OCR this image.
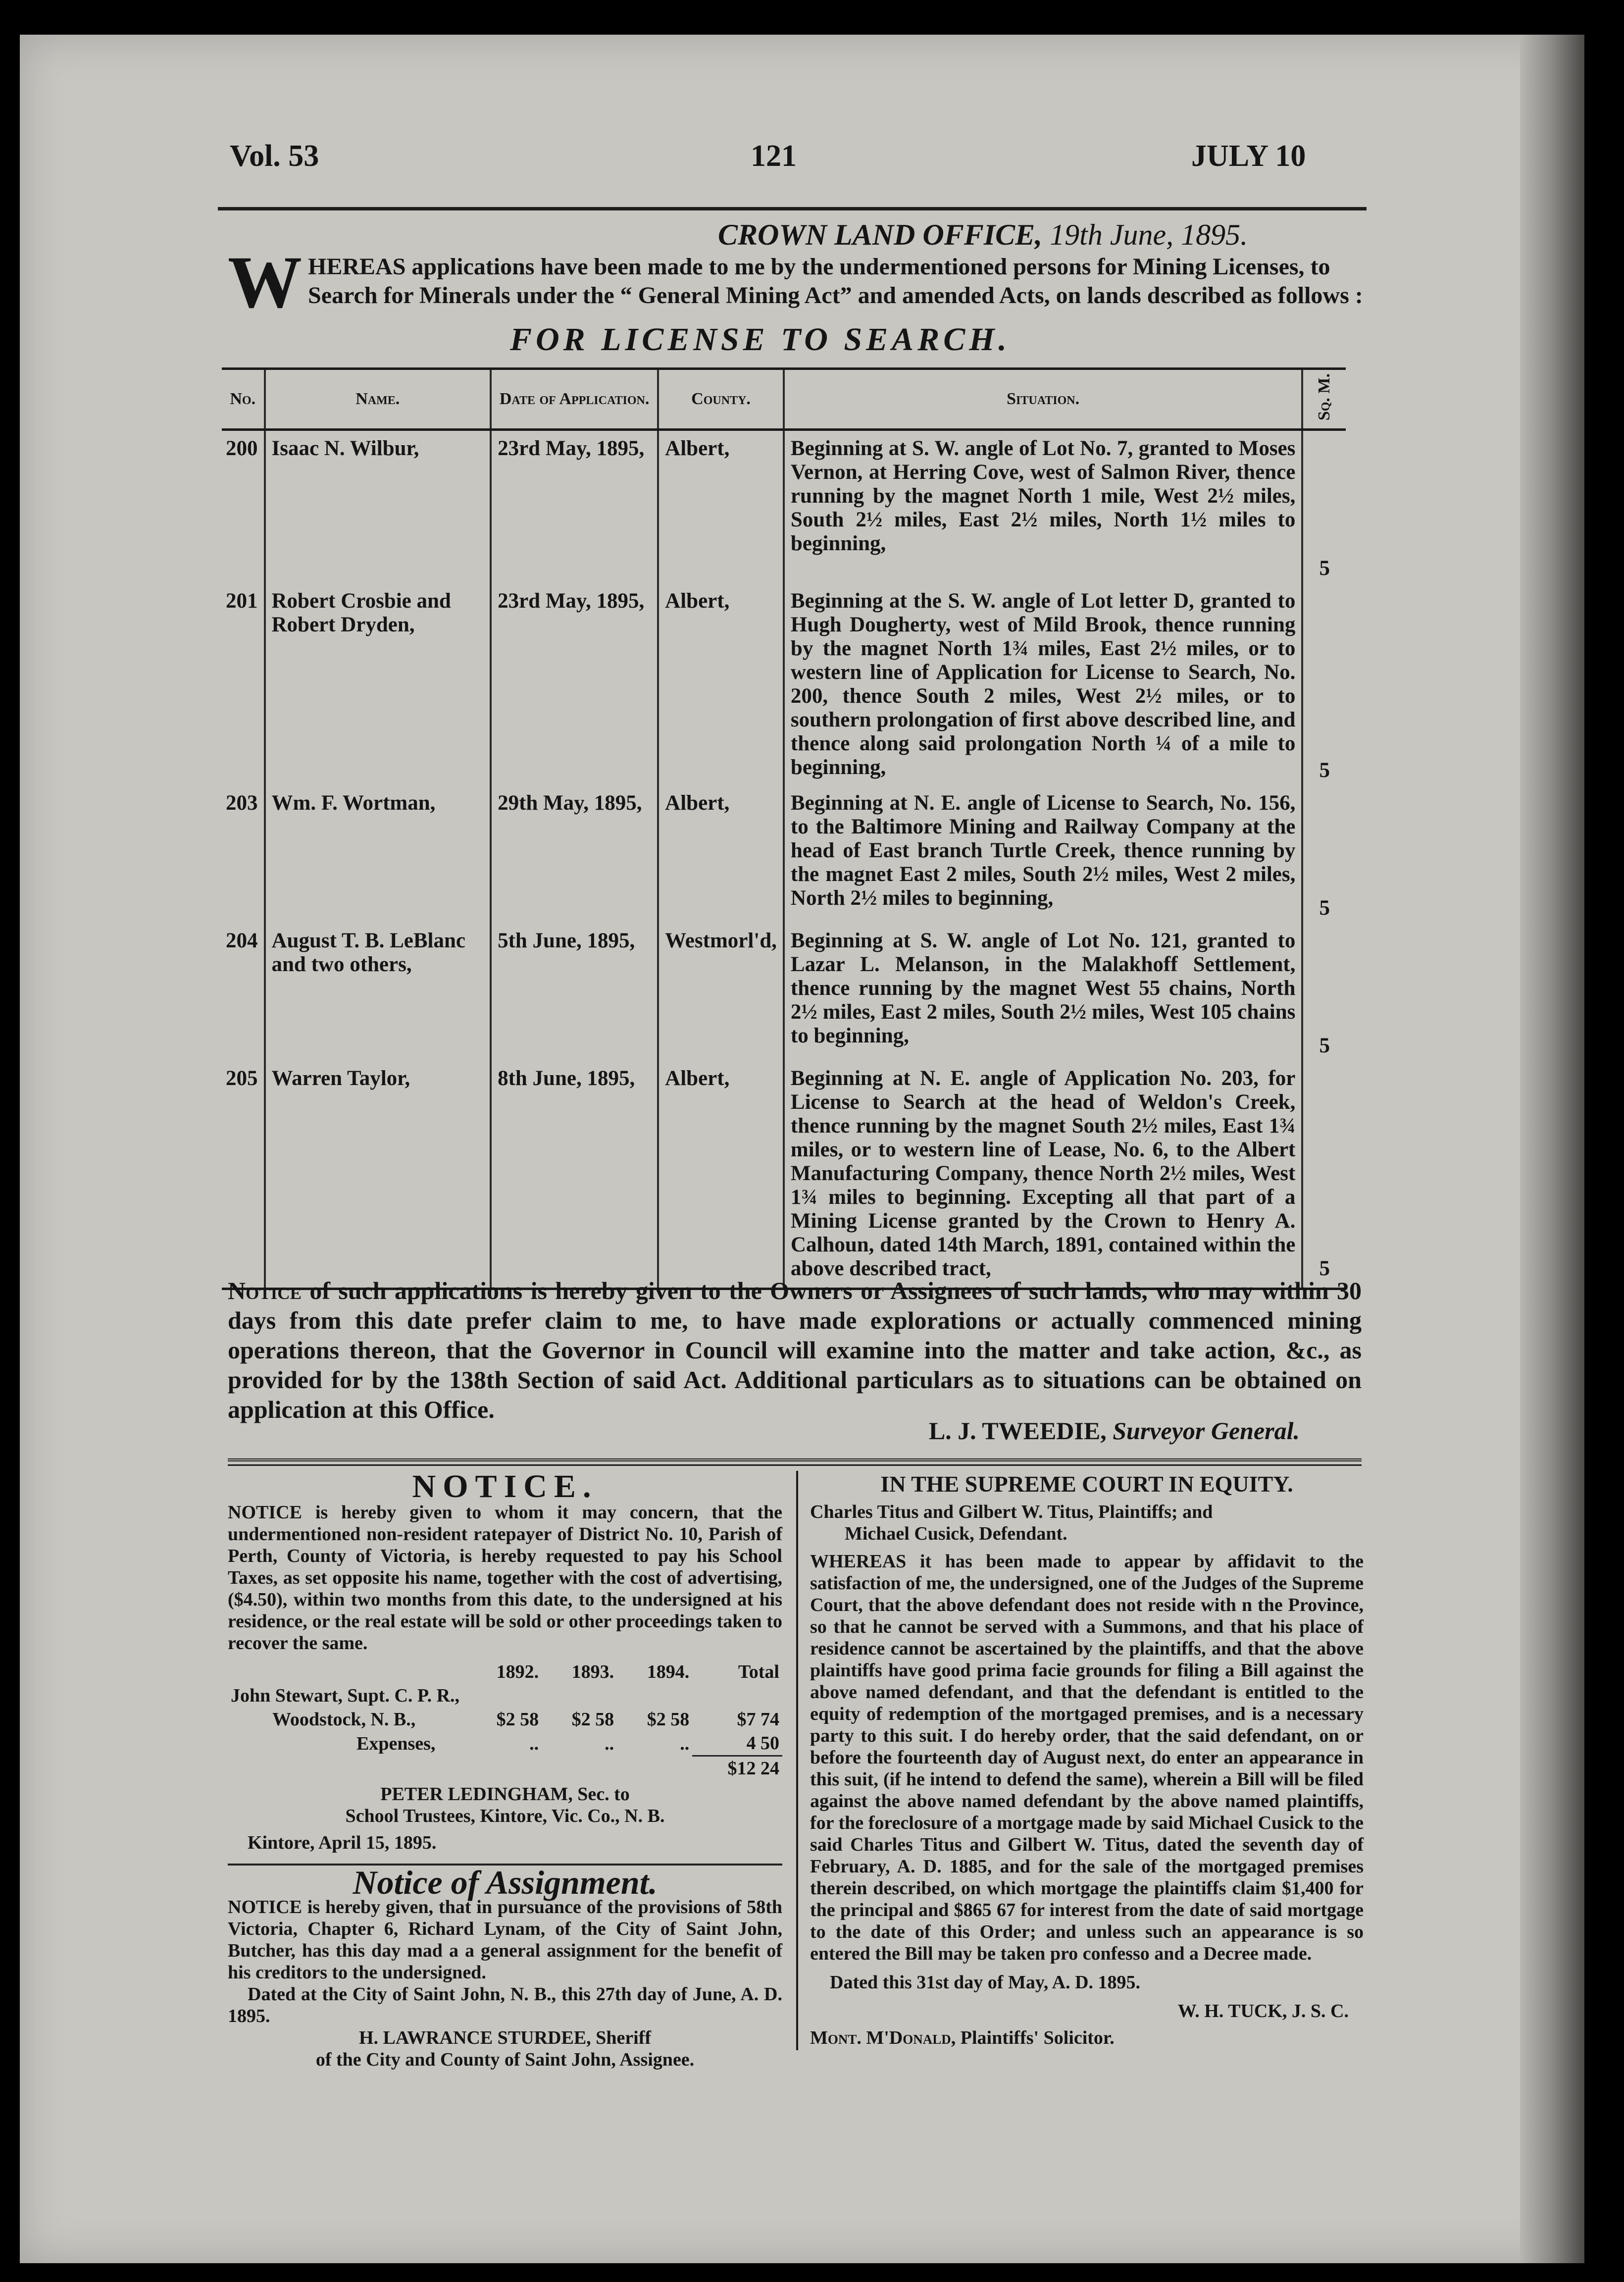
Vol. 53	121	JULY 10
CROWN LAND OFFICE, 19th June, 1895.
W HEREAS applications have been made to me by the undermentioned persons for Mining Licenses, to Search for Minerals under the “ General Mining Act” and amended Acts, on lands described as follows :
FOR LICENSE TO SEARCH.
No.	Name.	Date of Application.	County.	Situation.	Sq. M.
200	Isaac N. Wilbur,	23rd May, 1895,	Albert,	Beginning at S. W. angle of Lot No. 7, granted to Moses Vernon, at Herring Cove, west of Salmon River, thence running by the magnet North 1 mile, West 2½ miles, South 2½ miles, East 2½ miles, North 1½ miles to beginning,	5
201	Robert Crosbie and Robert Dryden,	23rd May, 1895,	Albert,	Beginning at the S. W. angle of Lot letter D, granted to Hugh Dougherty, west of Mild Brook, thence running by the magnet North 1¾ miles, East 2½ miles, or to western line of Application for License to Search, No. 200, thence South 2 miles, West 2½ miles, or to southern prolongation of first above described line, and thence along said prolongation North ¼ of a mile to beginning,	5
203	Wm. F. Wortman,	29th May, 1895,	Albert,	Beginning at N. E. angle of License to Search, No. 156, to the Baltimore Mining and Railway Company at the head of East branch Turtle Creek, thence running by the magnet East 2 miles, South 2½ miles, West 2 miles, North 2½ miles to beginning,	5
204	August T. B. LeBlanc and two others,	5th June, 1895,	Westmorl'd,	Beginning at S. W. angle of Lot No. 121, granted to Lazar L. Melanson, in the Malakhoff Settlement, thence running by the magnet West 55 chains, North 2½ miles, East 2 miles, South 2½ miles, West 105 chains to beginning,	5
205	Warren Taylor,	8th June, 1895,	Albert,	Beginning at N. E. angle of Application No. 203, for License to Search at the head of Weldon's Creek, thence running by the magnet South 2½ miles, East 1¾ miles, or to western line of Lease, No. 6, to the Albert Manufacturing Company, thence North 2½ miles, West 1¾ miles to beginning. Excepting all that part of a Mining License granted by the Crown to Henry A. Calhoun, dated 14th March, 1891, contained within the above described tract,	5
Notice of such applications is hereby given to the Owners or Assignees of such lands, who may within 30 days from this date prefer claim to me, to have made explorations or actually commenced mining operations thereon, that the Governor in Council will examine into the matter and take action, &c., as provided for by the 138th Section of said Act. Additional particulars as to situations can be obtained on application at this Office.
L. J. TWEEDIE, Surveyor General.
NOTICE.

NOTICE is hereby given to whom it may concern, that the undermentioned non-resident ratepayer of District No. 10, Parish of Perth, County of Victoria, is hereby requested to pay his School Taxes, as set opposite his name, together with the cost of advertising, ($4.50), within two months from this date, to the undersigned at his residence, or the real estate will be sold or other proceedings taken to recover the same.

	1892.	1893.	1894.	Total
John Stewart, Supt. C. P. R.,				
Woodstock, N. B.,	$2 58	$2 58	$2 58	$7 74
Expenses,	..	..	..	4 50
				$12 24

PETER LEDINGHAM, Sec. to

School Trustees, Kintore, Vic. Co., N. B.

Kintore, April 15, 1895.

Notice of Assignment.

NOTICE is hereby given, that in pursuance of the provisions of 58th Victoria, Chapter 6, Richard Lynam, of the City of Saint John, Butcher, has this day mad a a general assignment for the benefit of his creditors to the undersigned.

Dated at the City of Saint John, N. B., this 27th day of June, A. D. 1895.

H. LAWRANCE STURDEE, Sheriff

of the City and County of Saint John, Assignee.

IN THE SUPREME COURT IN EQUITY.

Charles Titus and Gilbert W. Titus, Plaintiffs; and

Michael Cusick, Defendant.

WHEREAS it has been made to appear by affidavit to the satisfaction of me, the undersigned, one of the Judges of the Supreme Court, that the above defendant does not reside with n the Province, so that he cannot be served with a Summons, and that his place of residence cannot be ascertained by the plaintiffs, and that the above plaintiffs have good prima facie grounds for filing a Bill against the above named defendant, and that the defendant is entitled to the equity of redemption of the mortgaged premises, and is a necessary party to this suit. I do hereby order, that the said defendant, on or before the fourteenth day of August next, do enter an appearance in this suit, (if he intend to defend the same), wherein a Bill will be filed against the above named defendant by the above named plaintiffs, for the foreclosure of a mortgage made by said Michael Cusick to the said Charles Titus and Gilbert W. Titus, dated the seventh day of February, A. D. 1885, and for the sale of the mortgaged premises therein described, on which mortgage the plaintiffs claim $1,400 for the principal and $865 67 for interest from the date of said mortgage to the date of this Order; and unless such an appearance is so entered the Bill may be taken pro confesso and a Decree made.

Dated this 31st day of May, A. D. 1895.

W. H. TUCK, J. S. C.

Mont. M'Donald, Plaintiffs' Solicitor.
